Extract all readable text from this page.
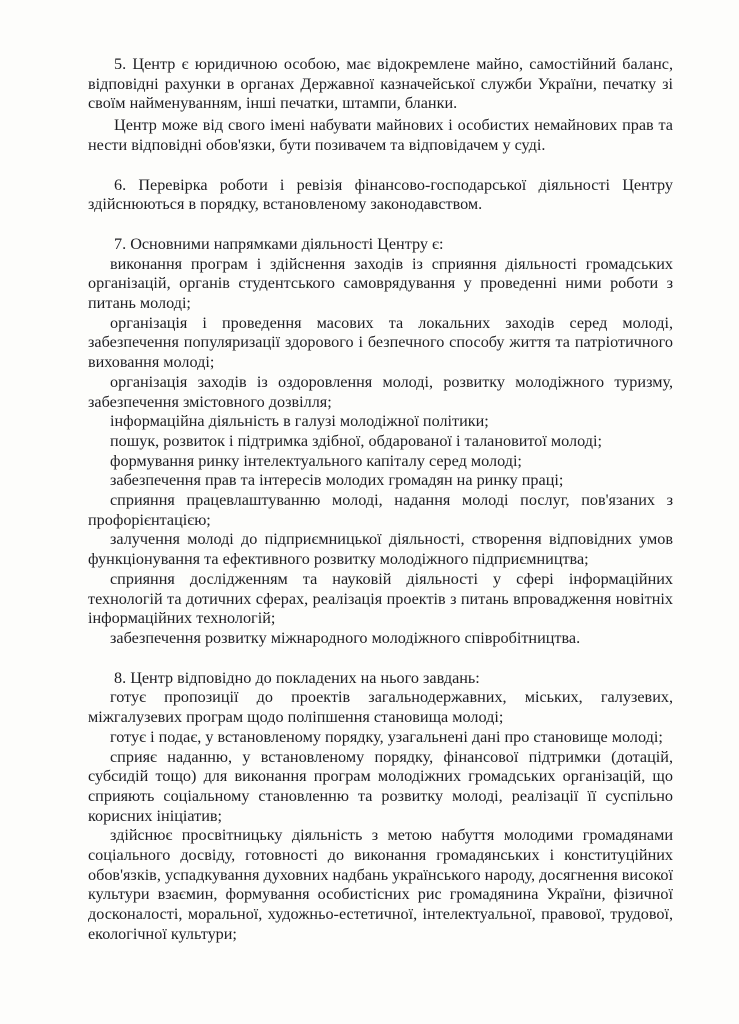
5. Центр є юридичною особою, має відокремлене майно, самостійний баланс, відповідні рахунки в органах Державної казначейської служби України, печатку зі своїм найменуванням, інші печатки, штампи, бланки.

Центр може від свого імені набувати майнових і особистих немайнових прав та нести відповідні обов'язки, бути позивачем та відповідачем у суді.

6. Перевірка роботи і ревізія фінансово-господарської діяльності Центру здійснюються в порядку, встановленому законодавством.

7. Основними напрямками діяльності Центру є:

виконання програм і здійснення заходів із сприяння діяльності громадських організацій, органів студентського самоврядування у проведенні ними роботи з питань молоді;

організація і проведення масових та локальних заходів серед молоді, забезпечення популяризації здорового і безпечного способу життя та патріотичного виховання молоді;

організація заходів із оздоровлення молоді, розвитку молодіжного туризму, забезпечення змістовного дозвілля;

інформаційна діяльність в галузі молодіжної політики;

пошук, розвиток і підтримка здібної, обдарованої і талановитої молоді;

формування ринку інтелектуального капіталу серед молоді;

забезпечення прав та інтересів молодих громадян на ринку праці;

сприяння працевлаштуванню молоді, надання молоді послуг, пов'язаних з профорієнтацією;

залучення молоді до підприємницької діяльності, створення відповідних умов функціонування та ефективного розвитку молодіжного підприємництва;

сприяння дослідженням та науковій діяльності у сфері інформаційних технологій та дотичних сферах, реалізація проектів з питань впровадження новітніх інформаційних технологій;

забезпечення розвитку міжнародного молодіжного співробітництва.

8. Центр відповідно до покладених на нього завдань:

готує пропозиції до проектів загальнодержавних, міських, галузевих, міжгалузевих програм щодо поліпшення становища молоді;

готує і подає, у встановленому порядку, узагальнені дані про становище молоді;

сприяє наданню, у встановленому порядку, фінансової підтримки (дотацій, субсидій тощо) для виконання програм молодіжних громадських організацій, що сприяють соціальному становленню та розвитку молоді, реалізації її суспільно корисних ініціатив;

здійснює просвітницьку діяльність з метою набуття молодими громадянами соціального досвіду, готовності до виконання громадянських і конституційних обов'язків, успадкування духовних надбань українського народу, досягнення високої культури взаємин, формування особистісних рис громадянина України, фізичної досконалості, моральної, художньо-естетичної, інтелектуальної, правової, трудової, екологічної культури;
